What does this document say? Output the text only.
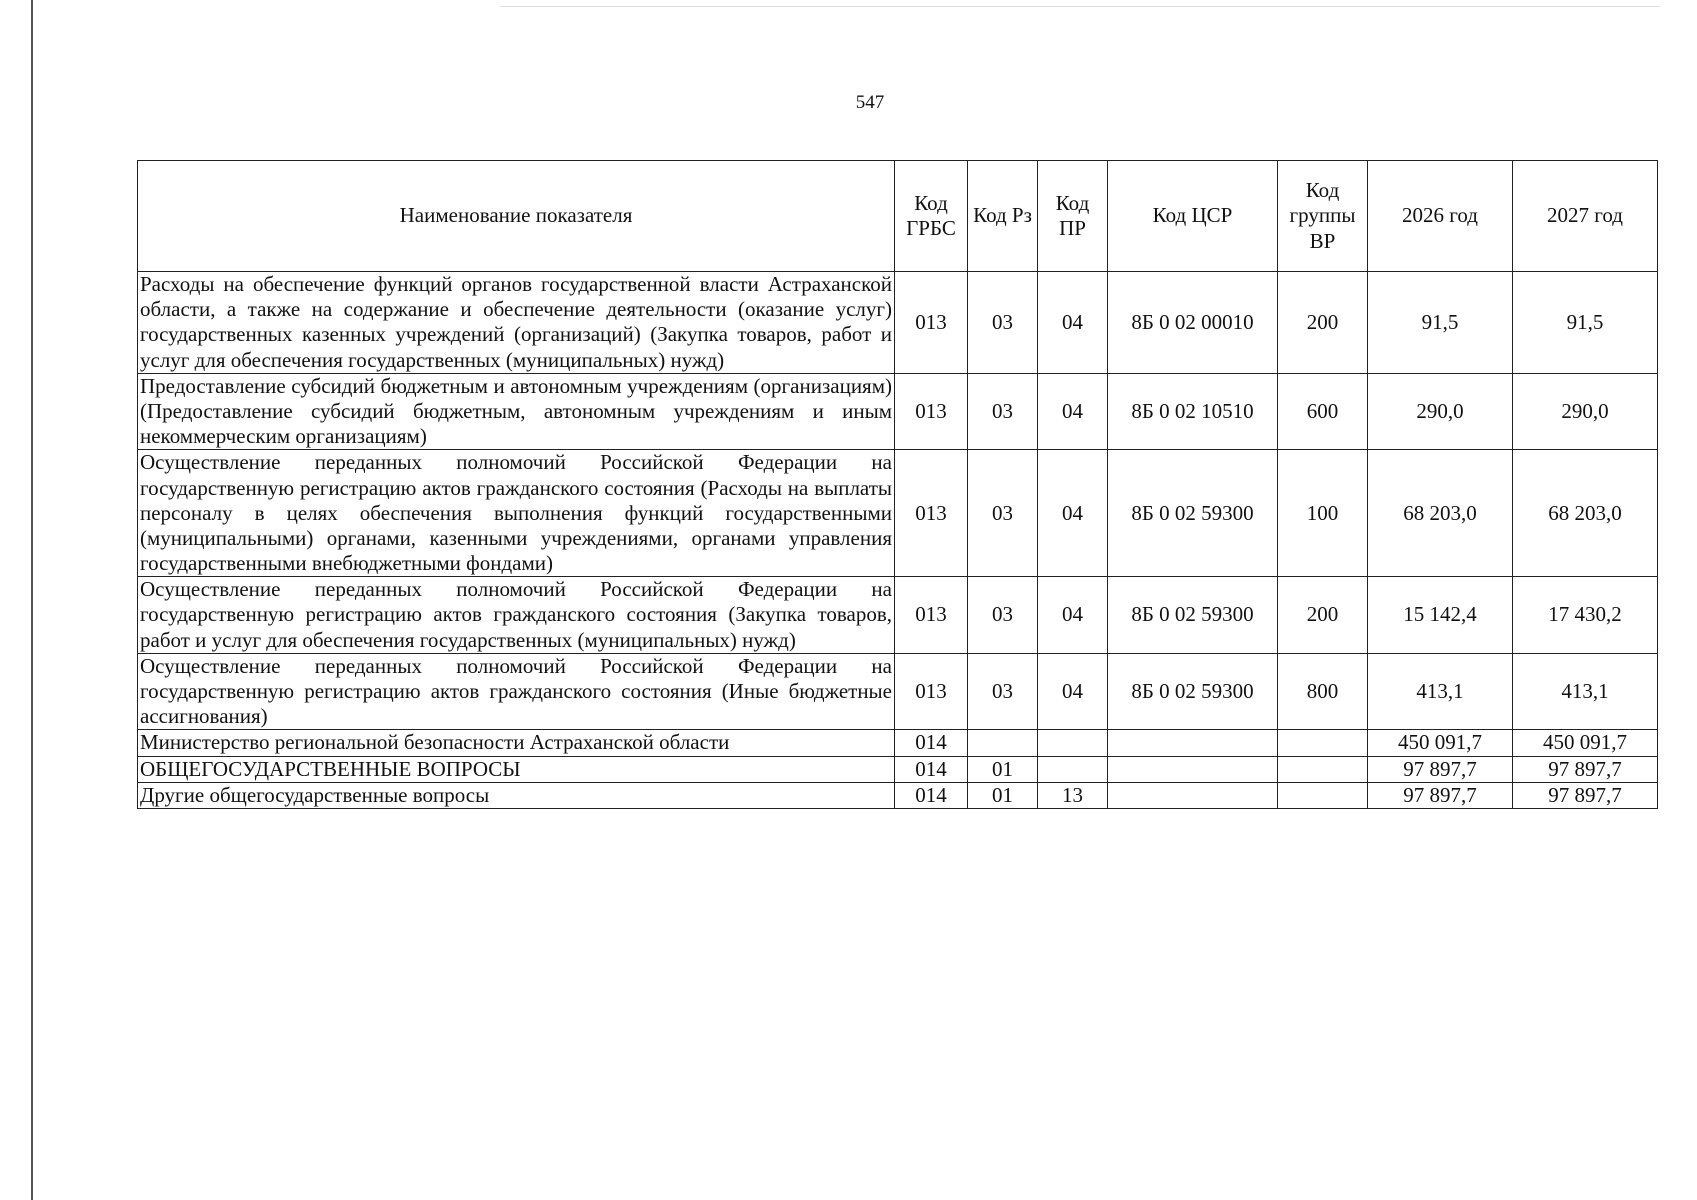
547
Наименование показателя	Код ГРБС	Код Рз	Код ПР	Код ЦСР	Код группы ВР	2026 год	2027 год
Расходы на обеспечение функций органов государственной власти Астраханской области, а также на содержание и обеспечение деятельности (оказание услуг) государственных казенных учреждений (организаций) (Закупка товаров, работ и услуг для обеспечения государственных (муниципальных) нужд)	013	03	04	8Б 0 02 00010	200	91,5	91,5
Предоставление субсидий бюджетным и автономным учреждениям (организациям) (Предоставление субсидий бюджетным, автономным учреждениям и иным некоммерческим организациям)	013	03	04	8Б 0 02 10510	600	290,0	290,0
Осуществление переданных полномочий Российской Федерации на государственную регистрацию актов гражданского состояния (Расходы на выплаты персоналу в целях обеспечения выполнения функций государственными (муниципальными) органами, казенными учреждениями, органами управления государственными внебюджетными фондами)	013	03	04	8Б 0 02 59300	100	68 203,0	68 203,0
Осуществление переданных полномочий Российской Федерации на государственную регистрацию актов гражданского состояния (Закупка товаров, работ и услуг для обеспечения государственных (муниципальных) нужд)	013	03	04	8Б 0 02 59300	200	15 142,4	17 430,2
Осуществление переданных полномочий Российской Федерации на государственную регистрацию актов гражданского состояния (Иные бюджетные ассигнования)	013	03	04	8Б 0 02 59300	800	413,1	413,1
Министерство региональной безопасности Астраханской области	014					450 091,7	450 091,7
ОБЩЕГОСУДАРСТВЕННЫЕ ВОПРОСЫ	014	01				97 897,7	97 897,7
Другие общегосударственные вопросы	014	01	13			97 897,7	97 897,7
